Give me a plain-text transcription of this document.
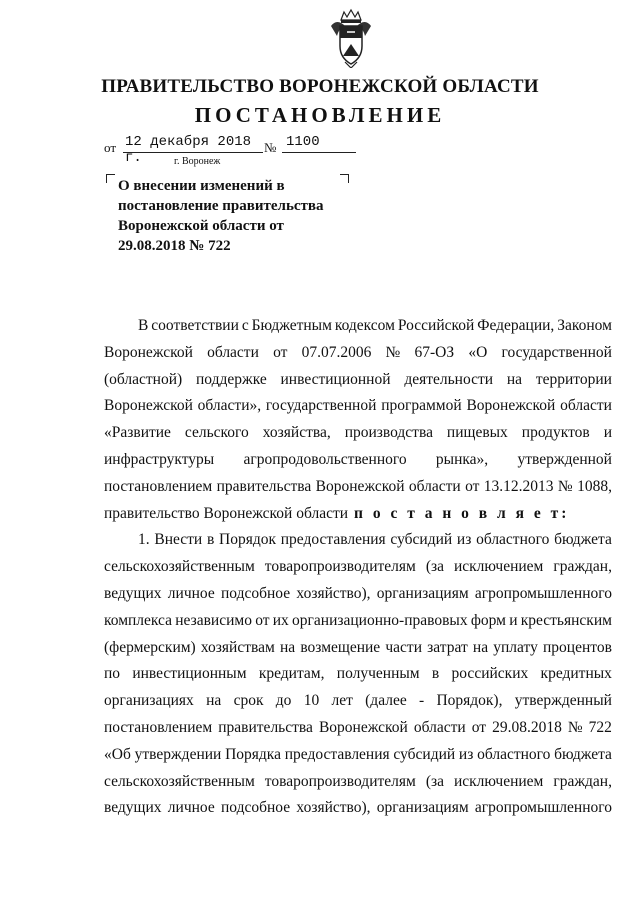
ПРАВИТЕЛЬСТВО ВОРОНЕЖСКОЙ ОБЛАСТИ
ПОСТАНОВЛЕНИЕ
от 12 декабря 2018 г.
№ 1100
г. Воронеж
О внесении изменений в
постановление правительства
Воронежской области от
29.08.2018 № 722
В соответствии с Бюджетным кодексом Российской Федерации, Законом
Воронежской области от 07.07.2006 № 67-ОЗ «О государственной
(областной) поддержке инвестиционной деятельности на территории
Воронежской области», государственной программой Воронежской области
«Развитие сельского хозяйства, производства пищевых продуктов и
инфраструктуры агропродовольственного рынка», утвержденной
постановлением правительства Воронежской области от 13.12.2013 № 1088,
правительство Воронежской области п о с т а н о в л я е т:
1. Внести в Порядок предоставления субсидий из областного бюджета
сельскохозяйственным товаропроизводителям (за исключением граждан,
ведущих личное подсобное хозяйство), организациям агропромышленного
комплекса независимо от их организационно-правовых форм и крестьянским
(фермерским) хозяйствам на возмещение части затрат на уплату процентов
по инвестиционным кредитам, полученным в российских кредитных
организациях на срок до 10 лет (далее - Порядок), утвержденный
постановлением правительства Воронежской области от 29.08.2018 № 722
«Об утверждении Порядка предоставления субсидий из областного бюджета
сельскохозяйственным товаропроизводителям (за исключением граждан,
ведущих личное подсобное хозяйство), организациям агропромышленного
